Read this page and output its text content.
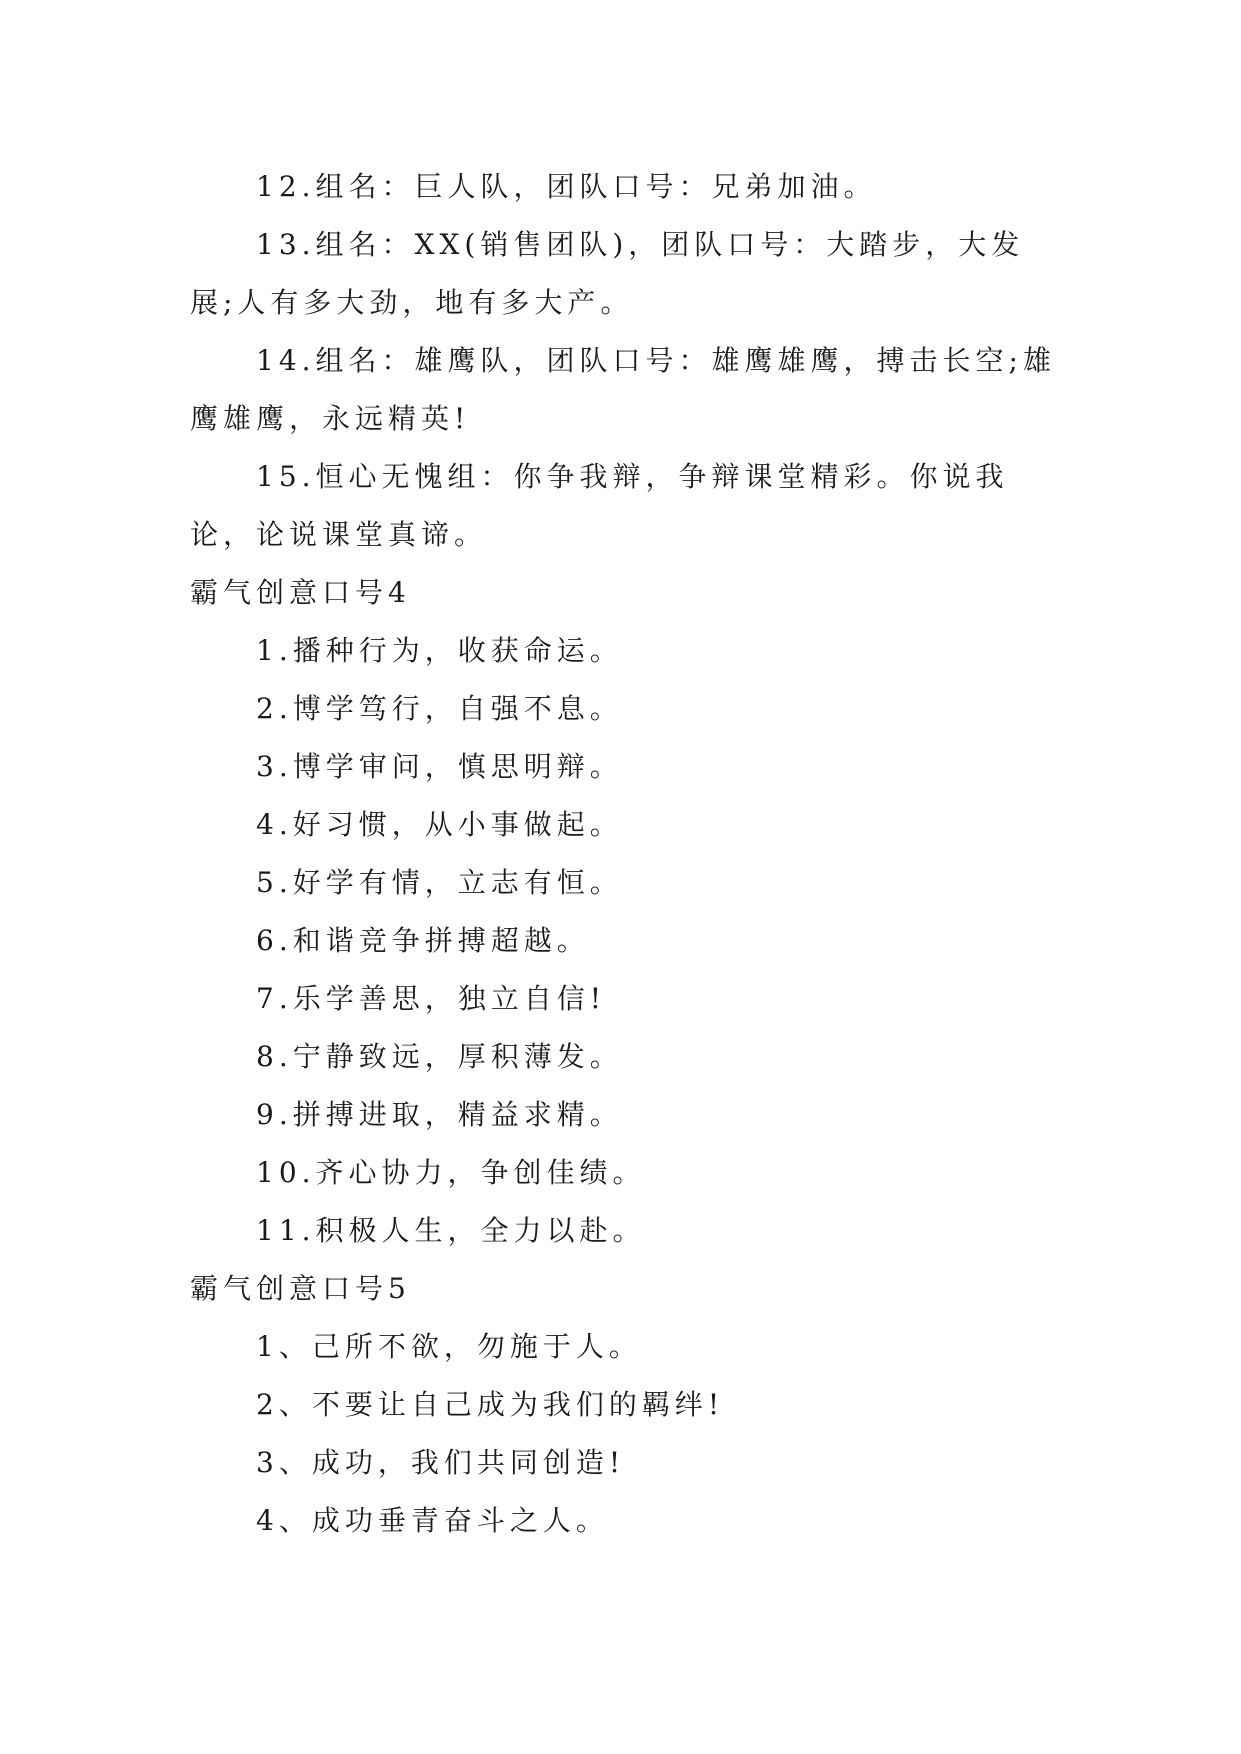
12.组名：巨人队，团队口号：兄弟加油。

13.组名：XX(销售团队)，团队口号：大踏步，大发展;人有多大劲，地有多大产。

14.组名：雄鹰队，团队口号：雄鹰雄鹰，搏击长空;雄鹰雄鹰，永远精英!

15.恒心无愧组：你争我辩，争辩课堂精彩。你说我论，论说课堂真谛。

霸气创意口号4

1.播种行为，收获命运。

2.博学笃行，自强不息。

3.博学审问，慎思明辩。

4.好习惯，从小事做起。

5.好学有情，立志有恒。

6.和谐竞争拼搏超越。

7.乐学善思，独立自信!

8.宁静致远，厚积薄发。

9.拼搏进取，精益求精。

10.齐心协力，争创佳绩。

11.积极人生，全力以赴。

霸气创意口号5

1、己所不欲，勿施于人。

2、不要让自己成为我们的羁绊!

3、成功，我们共同创造!

4、成功垂青奋斗之人。
